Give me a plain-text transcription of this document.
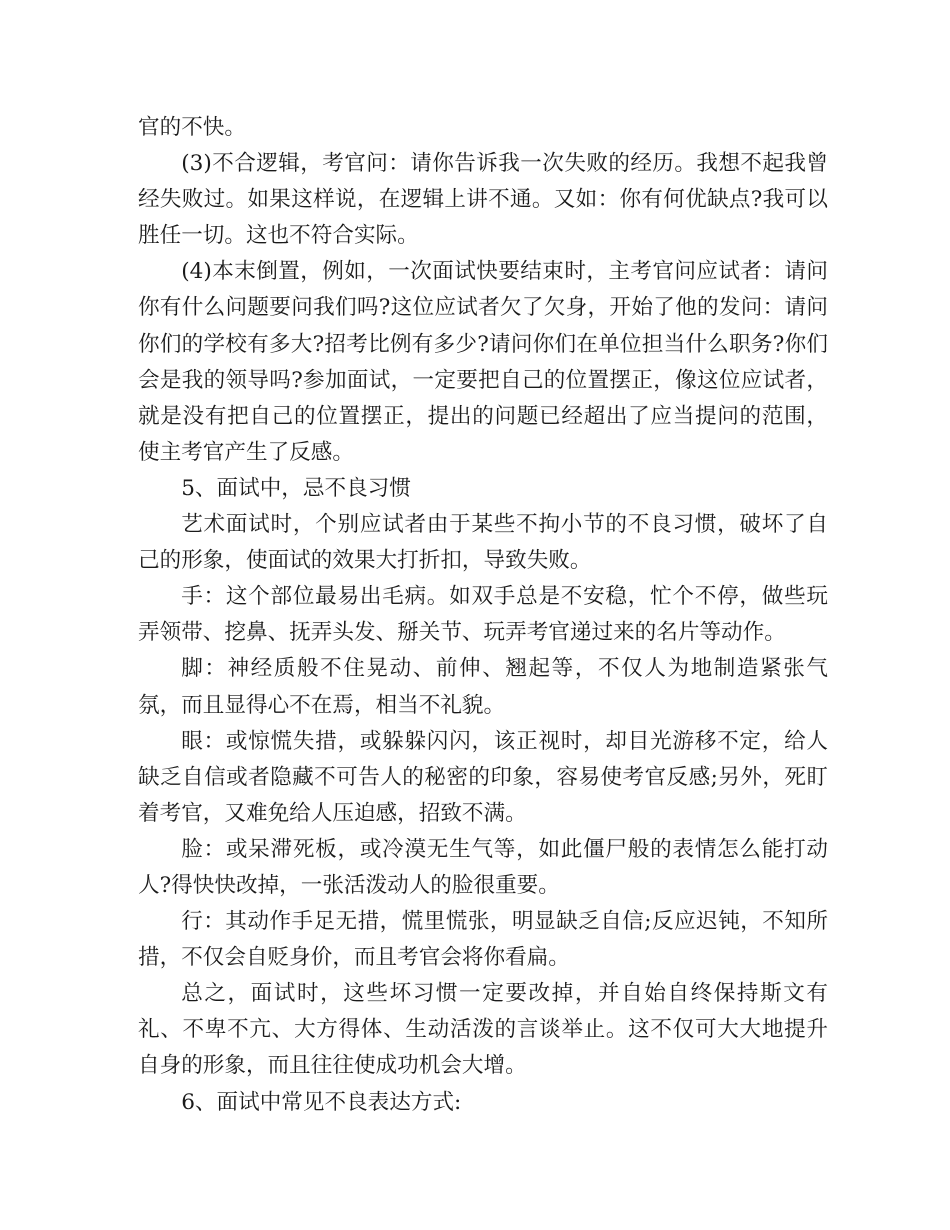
官的不快。

(3)不合逻辑，考官问：请你告诉我一次失败的经历。我想不起我曾经失败过。如果这样说，在逻辑上讲不通。又如：你有何优缺点?我可以胜任一切。这也不符合实际。

(4)本末倒置，例如，一次面试快要结束时，主考官问应试者：请问你有什么问题要问我们吗?这位应试者欠了欠身，开始了他的发问：请问你们的学校有多大?招考比例有多少?请问你们在单位担当什么职务?你们会是我的领导吗?参加面试，一定要把自己的位置摆正，像这位应试者，就是没有把自己的位置摆正，提出的问题已经超出了应当提问的范围，使主考官产生了反感。

5、面试中，忌不良习惯

艺术面试时，个别应试者由于某些不拘小节的不良习惯，破坏了自己的形象，使面试的效果大打折扣，导致失败。

手：这个部位最易出毛病。如双手总是不安稳，忙个不停，做些玩弄领带、挖鼻、抚弄头发、掰关节、玩弄考官递过来的名片等动作。

脚：神经质般不住晃动、前伸、翘起等，不仅人为地制造紧张气氛，而且显得心不在焉，相当不礼貌。

眼：或惊慌失措，或躲躲闪闪，该正视时，却目光游移不定，给人缺乏自信或者隐藏不可告人的秘密的印象，容易使考官反感;另外，死盯着考官，又难免给人压迫感，招致不满。

脸：或呆滞死板，或冷漠无生气等，如此僵尸般的表情怎么能打动人?得快快改掉，一张活泼动人的脸很重要。

行：其动作手足无措，慌里慌张，明显缺乏自信;反应迟钝，不知所措，不仅会自贬身价，而且考官会将你看扁。

总之，面试时，这些坏习惯一定要改掉，并自始自终保持斯文有礼、不卑不亢、大方得体、生动活泼的言谈举止。这不仅可大大地提升自身的形象，而且往往使成功机会大增。

6、面试中常见不良表达方式:
